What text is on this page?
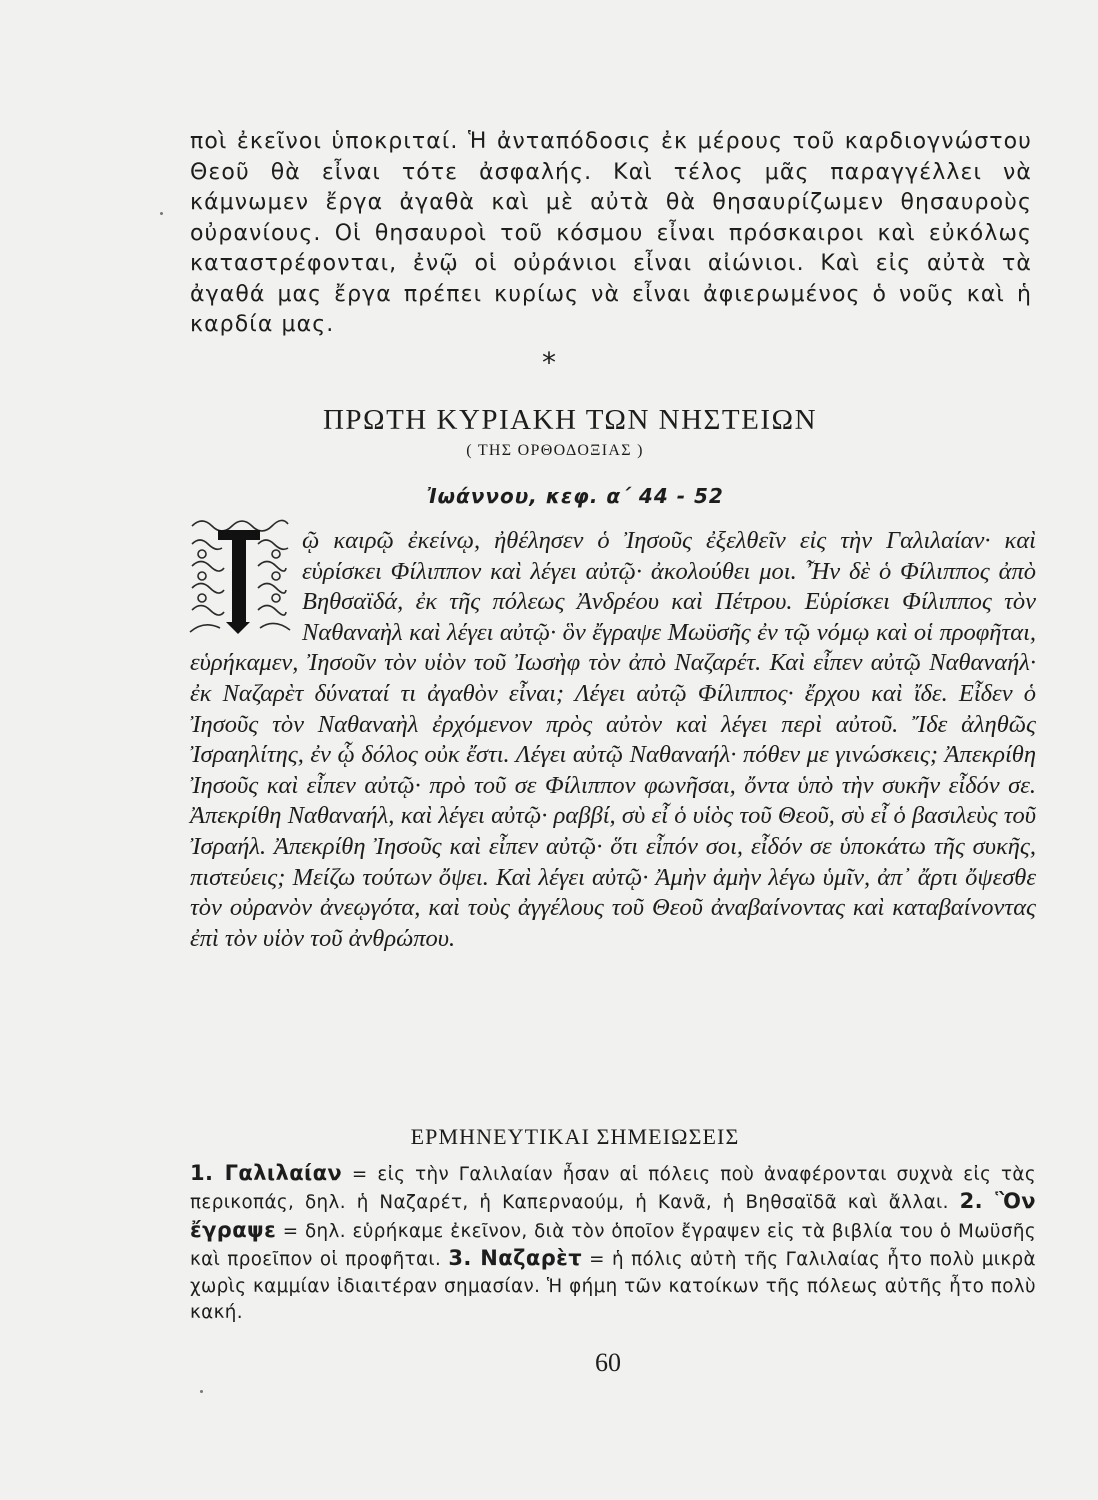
ποὶ ἐκεῖνοι ὑποκριταί. Ἡ ἀνταπόδοσις ἐκ μέρους τοῦ καρδιογνώστου Θεοῦ θὰ εἶναι τότε ἀσφαλής. Καὶ τέλος μᾶς παραγγέλλει νὰ κάμνωμεν ἔργα ἀγαθὰ καὶ μὲ αὐτὰ θὰ θησαυρίζωμεν θησαυροὺς οὐρανίους. Οἱ θησαυροὶ τοῦ κόσμου εἶναι πρόσκαιροι καὶ εὐκόλως καταστρέφονται, ἐνῷ οἱ οὐράνιοι εἶναι αἰώνιοι. Καὶ εἰς αὐτὰ τὰ ἀγαθά μας ἔργα πρέπει κυρίως νὰ εἶναι ἀφιερωμένος ὁ νοῦς καὶ ἡ καρδία μας.

*

ΠΡΩΤΗ ΚΥΡΙΑΚΗ ΤΩΝ ΝΗΣΤΕΙΩΝ

( ΤΗΣ ΟΡΘΟΔΟΞΙΑΣ )

Ἰωάννου, κεφ. α΄ 44 - 52

T

ῷ καιρῷ ἐκείνῳ, ἠθέλησεν ὁ Ἰησοῦς ἐξελθεῖν εἰς τὴν Γαλιλαίαν· καὶ εὑρίσκει Φίλιππον καὶ λέγει αὐτῷ· ἀκολούθει μοι. Ἦν δὲ ὁ Φίλιππος ἀπὸ Βηθσαϊδά, ἐκ τῆς πόλεως Ἀνδρέου καὶ Πέτρου. Εὑρίσκει Φίλιππος τὸν Ναθαναὴλ καὶ λέγει αὐτῷ· ὃν ἔγραψε Μωϋσῆς ἐν τῷ νόμῳ καὶ οἱ προφῆται, εὑρήκαμεν, Ἰησοῦν τὸν υἱὸν τοῦ Ἰωσὴφ τὸν ἀπὸ Ναζαρέτ. Καὶ εἶπεν αὐτῷ Ναθαναήλ· ἐκ Ναζαρὲτ δύναταί τι ἀγαθὸν εἶναι; Λέγει αὐτῷ Φίλιππος· ἔρχου καὶ ἴδε. Εἶδεν ὁ Ἰησοῦς τὸν Ναθαναὴλ ἐρχόμενον πρὸς αὐτὸν καὶ λέγει περὶ αὐτοῦ. Ἴδε ἀληθῶς Ἰσραηλίτης, ἐν ᾧ δόλος οὐκ ἔστι. Λέγει αὐτῷ Ναθαναήλ· πόθεν με γινώσκεις; Ἀπεκρίθη Ἰησοῦς καὶ εἶπεν αὐτῷ· πρὸ τοῦ σε Φίλιππον φωνῆσαι, ὄντα ὑπὸ τὴν συκῆν εἶδόν σε. Ἀπεκρίθη Ναθαναήλ, καὶ λέγει αὐτῷ· ραββί, σὺ εἶ ὁ υἱὸς τοῦ Θεοῦ, σὺ εἶ ὁ βασιλεὺς τοῦ Ἰσραήλ. Ἀπεκρίθη Ἰησοῦς καὶ εἶπεν αὐτῷ· ὅτι εἶπόν σοι, εἶδόν σε ὑποκάτω τῆς συκῆς, πιστεύεις; Μείζω τούτων ὄψει. Καὶ λέγει αὐτῷ· Ἀμὴν ἀμὴν λέγω ὑμῖν, ἀπ᾿ ἄρτι ὄψεσθε τὸν οὐρανὸν ἀνεῳγότα, καὶ τοὺς ἀγγέλους τοῦ Θεοῦ ἀναβαίνοντας καὶ καταβαίνοντας ἐπὶ τὸν υἱὸν τοῦ ἀνθρώπου.

ΕΡΜΗΝΕΥΤΙΚΑΙ ΣΗΜΕΙΩΣΕΙΣ

1. Γαλιλαίαν = εἰς τὴν Γαλιλαίαν ἦσαν αἱ πόλεις ποὺ ἀναφέρονται συχνὰ εἰς τὰς περικοπάς, δηλ. ἡ Ναζαρέτ, ἡ Καπερναούμ, ἡ Κανᾶ, ἡ Βηθσαϊδᾶ καὶ ἄλλαι. 2. Ὃν ἔγραψε = δηλ. εὑρήκαμε ἐκεῖνον, διὰ τὸν ὁποῖον ἔγραψεν εἰς τὰ βιβλία του ὁ Μωϋσῆς καὶ προεῖπον οἱ προφῆται. 3. Ναζαρὲτ = ἡ πόλις αὐτὴ τῆς Γαλιλαίας ἦτο πολὺ μικρὰ χωρὶς καμμίαν ἰδιαιτέραν σημασίαν. Ἡ φήμη τῶν κατοίκων τῆς πόλεως αὐτῆς ἦτο πολὺ κακή.

60
